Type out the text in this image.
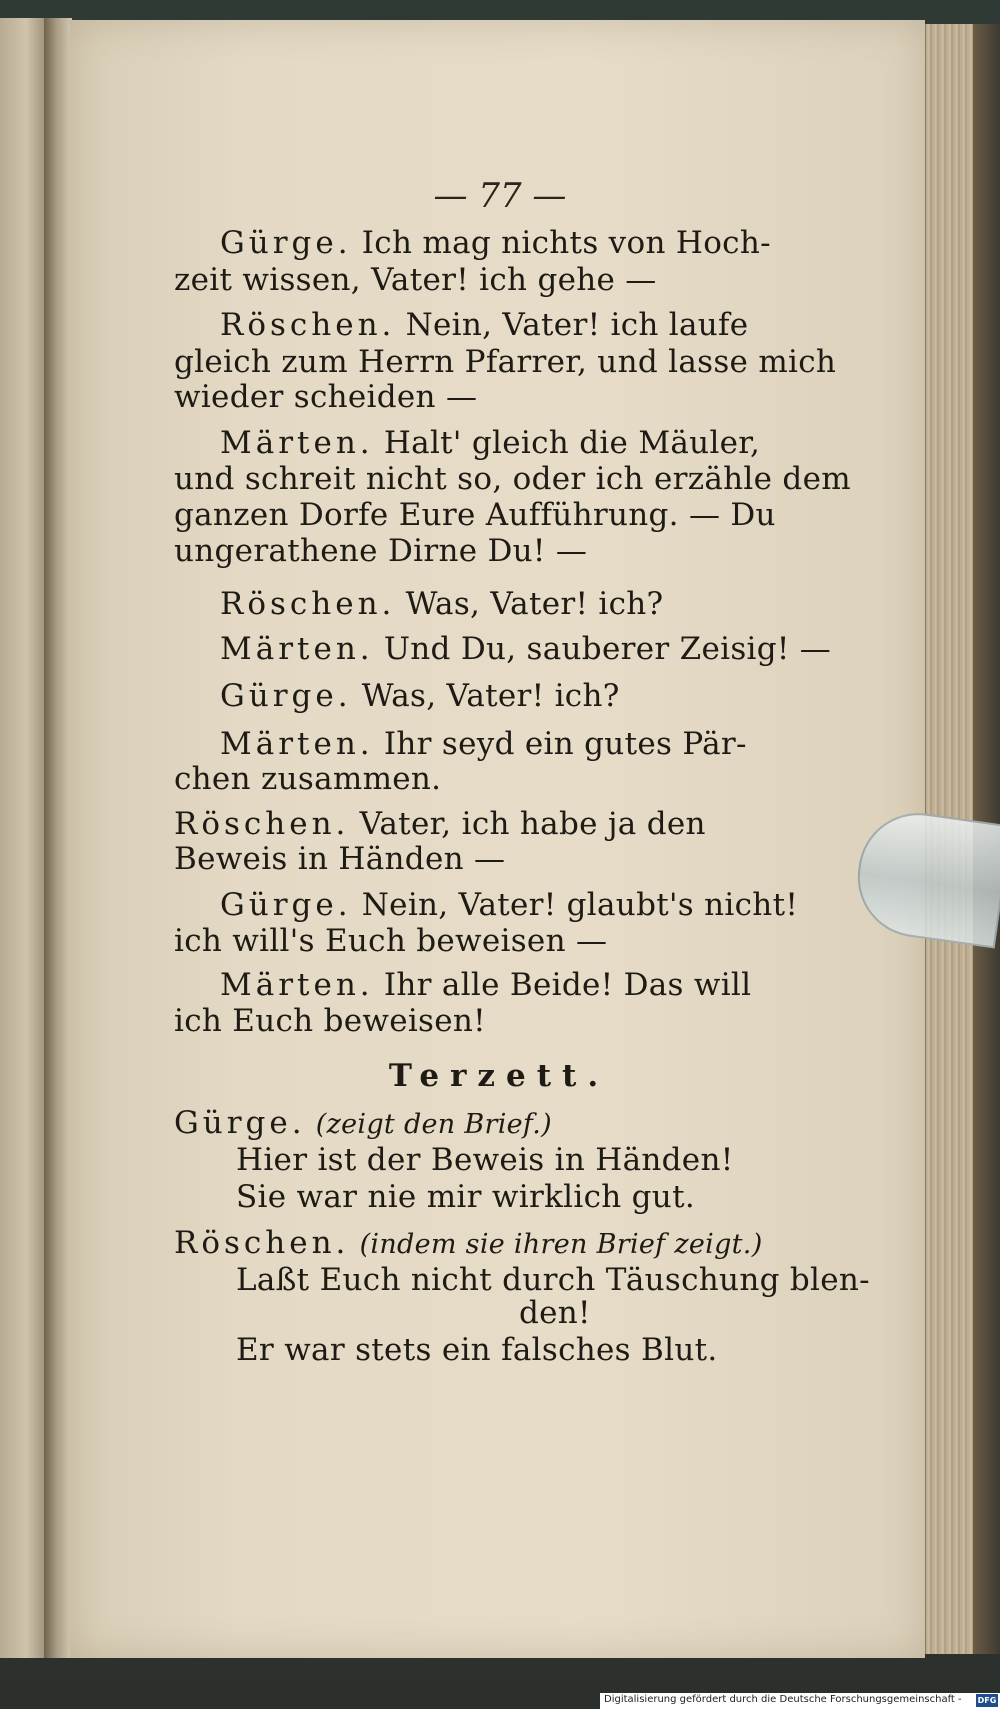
— 77 —
Gürge. Ich mag nichts von Hoch-
zeit wissen, Vater! ich gehe —
Röschen. Nein, Vater! ich laufe
gleich zum Herrn Pfarrer, und lasse mich
wieder scheiden —
Märten. Halt' gleich die Mäuler,
und schreit nicht so, oder ich erzähle dem
ganzen Dorfe Eure Aufführung. — Du
ungerathene Dirne Du! —
Röschen. Was, Vater! ich?
Märten. Und Du, sauberer Zeisig! —
Gürge. Was, Vater! ich?
Märten. Ihr seyd ein gutes Pär-
chen zusammen.
Röschen. Vater, ich habe ja den
Beweis in Händen —
Gürge. Nein, Vater! glaubt's nicht!
ich will's Euch beweisen —
Märten. Ihr alle Beide! Das will
ich Euch beweisen!
Terzett.
Gürge. (zeigt den Brief.)
Hier ist der Beweis in Händen!
Sie war nie mir wirklich gut.
Röschen. (indem sie ihren Brief zeigt.)
Laßt Euch nicht durch Täuschung blen-
den!
Er war stets ein falsches Blut.
Digitalisierung gefördert durch die Deutsche Forschungsgemeinschaft - DFG
